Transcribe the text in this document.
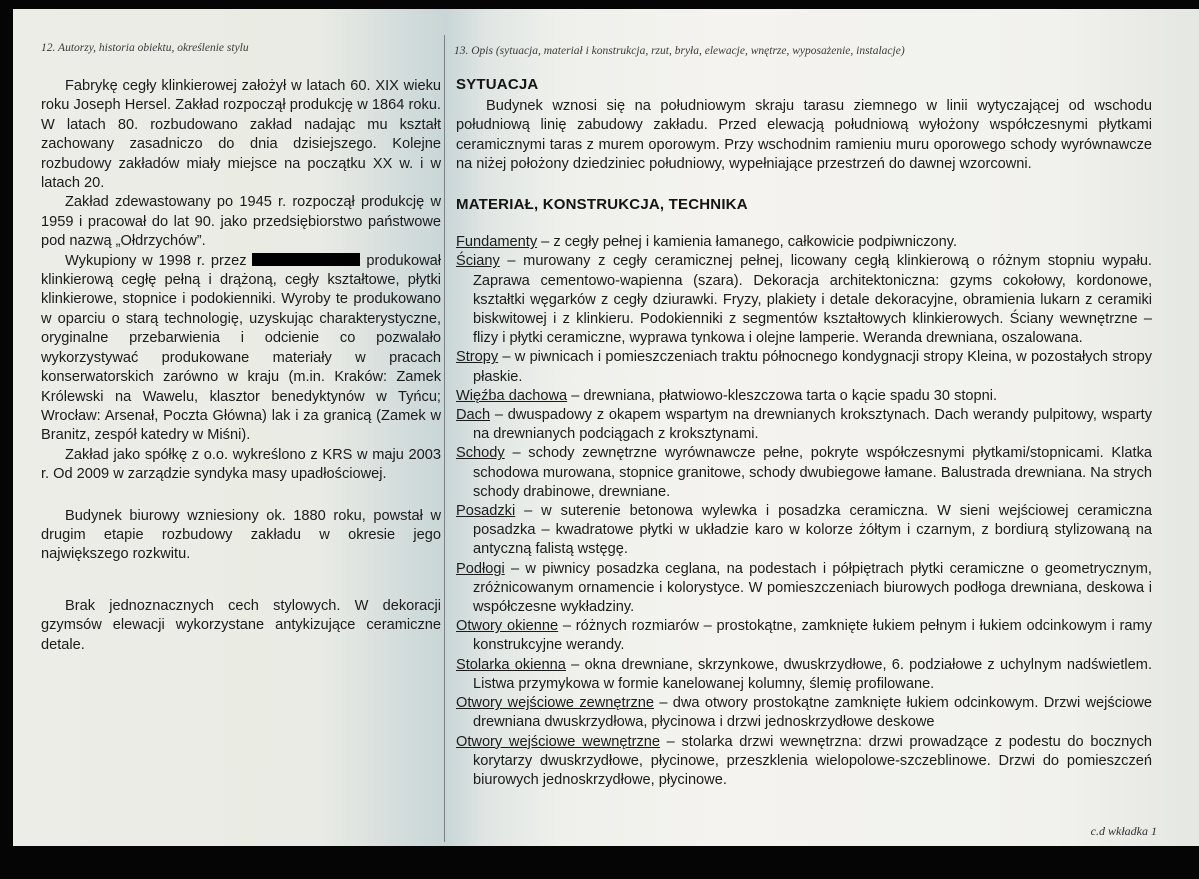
12. Autorzy, historia obiektu, określenie stylu	13. Opis (sytuacja, materiał i konstrukcja, rzut, bryła, elewacje, wnętrze, wyposażenie, instalacje)

Fabrykę cegły klinkierowej założył w latach 60. XIX wieku roku Joseph Hersel. Zakład rozpoczął produkcję w 1864 roku. W latach 80. rozbudowano zakład nadając mu kształt zachowany zasadniczo do dnia dzisiejszego. Kolejne rozbudowy zakładów miały miejsce na początku XX w. i w latach 20.

Zakład zdewastowany po 1945 r. rozpoczął produkcję w 1959 i pracował do lat 90. jako przedsiębiorstwo państwowe pod nazwą „Ołdrzychów”.

Wykupiony w 1998 r. przez	produkował klinkierową cegłę pełną i drążoną, cegły kształtowe, płytki klinkierowe, stopnice i podokienniki. Wyroby te produkowano w oparciu o starą technologię, uzyskując charakterystyczne, oryginalne przebarwienia i odcienie co pozwalało wykorzystywać produkowane materiały w pracach konserwatorskich zarówno w kraju (m.in. Kraków: Zamek Królewski na Wawelu, klasztor benedyktynów w Tyńcu; Wrocław: Arsenał, Poczta Główna) lak i za granicą (Zamek w Branitz, zespół katedry w Miśni).

Zakład jako spółkę z o.o. wykreślono z KRS w maju 2003 r. Od 2009 w zarządzie syndyka masy upadłościowej.

Budynek biurowy wzniesiony ok. 1880 roku, powstał w drugim etapie rozbudowy zakładu w okresie jego największego rozkwitu.

Brak jednoznacznych cech stylowych. W dekoracji gzymsów elewacji wykorzystane antykizujące ceramiczne detale.

SYTUACJA

Budynek wznosi się na południowym skraju tarasu ziemnego w linii wytyczającej od wschodu południową linię zabudowy zakładu. Przed elewacją południową wyłożony współczesnymi płytkami ceramicznymi taras z murem oporowym. Przy wschodnim ramieniu muru oporowego schody wyrównawcze na niżej położony dziedziniec południowy, wypełniające przestrzeń do dawnej wzorcowni.

MATERIAŁ, KONSTRUKCJA, TECHNIKA

Fundamenty – z cegły pełnej i kamienia łamanego, całkowicie podpiwniczony.

Ściany – murowany z cegły ceramicznej pełnej, licowany cegłą klinkierową o różnym stopniu wypału. Zaprawa cementowo-wapienna (szara). Dekoracja architektoniczna: gzyms cokołowy, kordonowe, kształtki węgarków z cegły dziurawki. Fryzy, plakiety i detale dekoracyjne, obramienia lukarn z ceramiki biskwitowej i z klinkieru. Podokienniki z segmentów kształtowych klinkierowych. Ściany wewnętrzne – flizy i płytki ceramiczne, wyprawa tynkowa i olejne lamperie. Weranda drewniana, oszalowana.

Stropy – w piwnicach i pomieszczeniach traktu północnego kondygnacji stropy Kleina, w pozostałych stropy płaskie.

Więźba dachowa – drewniana, płatwiowo-kleszczowa tarta o kącie spadu 30 stopni.

Dach – dwuspadowy z okapem wspartym na drewnianych kroksztynach. Dach werandy pulpitowy, wsparty na drewnianych podciągach z kroksztynami.

Schody – schody zewnętrzne wyrównawcze pełne, pokryte współczesnymi płytkami/stopnicami. Klatka schodowa murowana, stopnice granitowe, schody dwubiegowe łamane. Balustrada drewniana. Na strych schody drabinowe, drewniane.

Posadzki – w suterenie betonowa wylewka i posadzka ceramiczna. W sieni wejściowej ceramiczna posadzka – kwadratowe płytki w układzie karo w kolorze żółtym i czarnym, z bordiurą stylizowaną na antyczną falistą wstęgę.

Podłogi – w piwnicy posadzka ceglana, na podestach i półpiętrach płytki ceramiczne o geometrycznym, zróżnicowanym ornamencie i kolorystyce. W pomieszczeniach biurowych podłoga drewniana, deskowa i współczesne wykładziny.

Otwory okienne – różnych rozmiarów – prostokątne, zamknięte łukiem pełnym i łukiem odcinkowym i ramy konstrukcyjne werandy.

Stolarka okienna – okna drewniane, skrzynkowe, dwuskrzydłowe, 6. podziałowe z uchylnym nadświetlem. Listwa przymykowa w formie kanelowanej kolumny, ślemię profilowane.

Otwory wejściowe zewnętrzne – dwa otwory prostokątne zamknięte łukiem odcinkowym. Drzwi wejściowe drewniana dwuskrzydłowa, płycinowa i drzwi jednoskrzydłowe deskowe

Otwory wejściowe wewnętrzne – stolarka drzwi wewnętrzna: drzwi prowadzące z podestu do bocznych korytarzy dwuskrzydłowe, płycinowe, przeszklenia wielopolowe-szczeblinowe. Drzwi do pomieszczeń biurowych jednoskrzydłowe, płycinowe.

c.d wkładka 1
